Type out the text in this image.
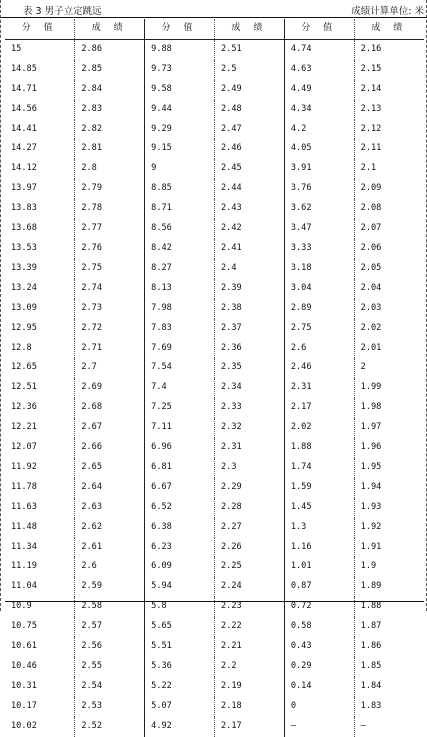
表 3 男子立定跳远	成绩计算单位: 米
分 值	成 绩	分 值	成 绩	分 值	成 绩
15	2.86	9.88	2.51	4.74	2.16
14.85	2.85	9.73	2.5	4.63	2.15
14.71	2.84	9.58	2.49	4.49	2.14
14.56	2.83	9.44	2.48	4.34	2.13
14.41	2.82	9.29	2.47	4.2	2.12
14.27	2.81	9.15	2.46	4.05	2.11
14.12	2.8	9	2.45	3.91	2.1
13.97	2.79	8.85	2.44	3.76	2.09
13.83	2.78	8.71	2.43	3.62	2.08
13.68	2.77	8.56	2.42	3.47	2.07
13.53	2.76	8.42	2.41	3.33	2.06
13.39	2.75	8.27	2.4	3.18	2.05
13.24	2.74	8.13	2.39	3.04	2.04
13.09	2.73	7.98	2.38	2.89	2.03
12.95	2.72	7.83	2.37	2.75	2.02
12.8	2.71	7.69	2.36	2.6	2.01
12.65	2.7	7.54	2.35	2.46	2
12.51	2.69	7.4	2.34	2.31	1.99
12.36	2.68	7.25	2.33	2.17	1.98
12.21	2.67	7.11	2.32	2.02	1.97
12.07	2.66	6.96	2.31	1.88	1.96
11.92	2.65	6.81	2.3	1.74	1.95
11.78	2.64	6.67	2.29	1.59	1.94
11.63	2.63	6.52	2.28	1.45	1.93
11.48	2.62	6.38	2.27	1.3	1.92
11.34	2.61	6.23	2.26	1.16	1.91
11.19	2.6	6.09	2.25	1.01	1.9
11.04	2.59	5.94	2.24	0.87	1.89
10.9	2.58	5.8	2.23	0.72	1.88
10.75	2.57	5.65	2.22	0.58	1.87
10.61	2.56	5.51	2.21	0.43	1.86
10.46	2.55	5.36	2.2	0.29	1.85
10.31	2.54	5.22	2.19	0.14	1.84
10.17	2.53	5.07	2.18	0	1.83
10.02	2.52	4.92	2.17	–	–
